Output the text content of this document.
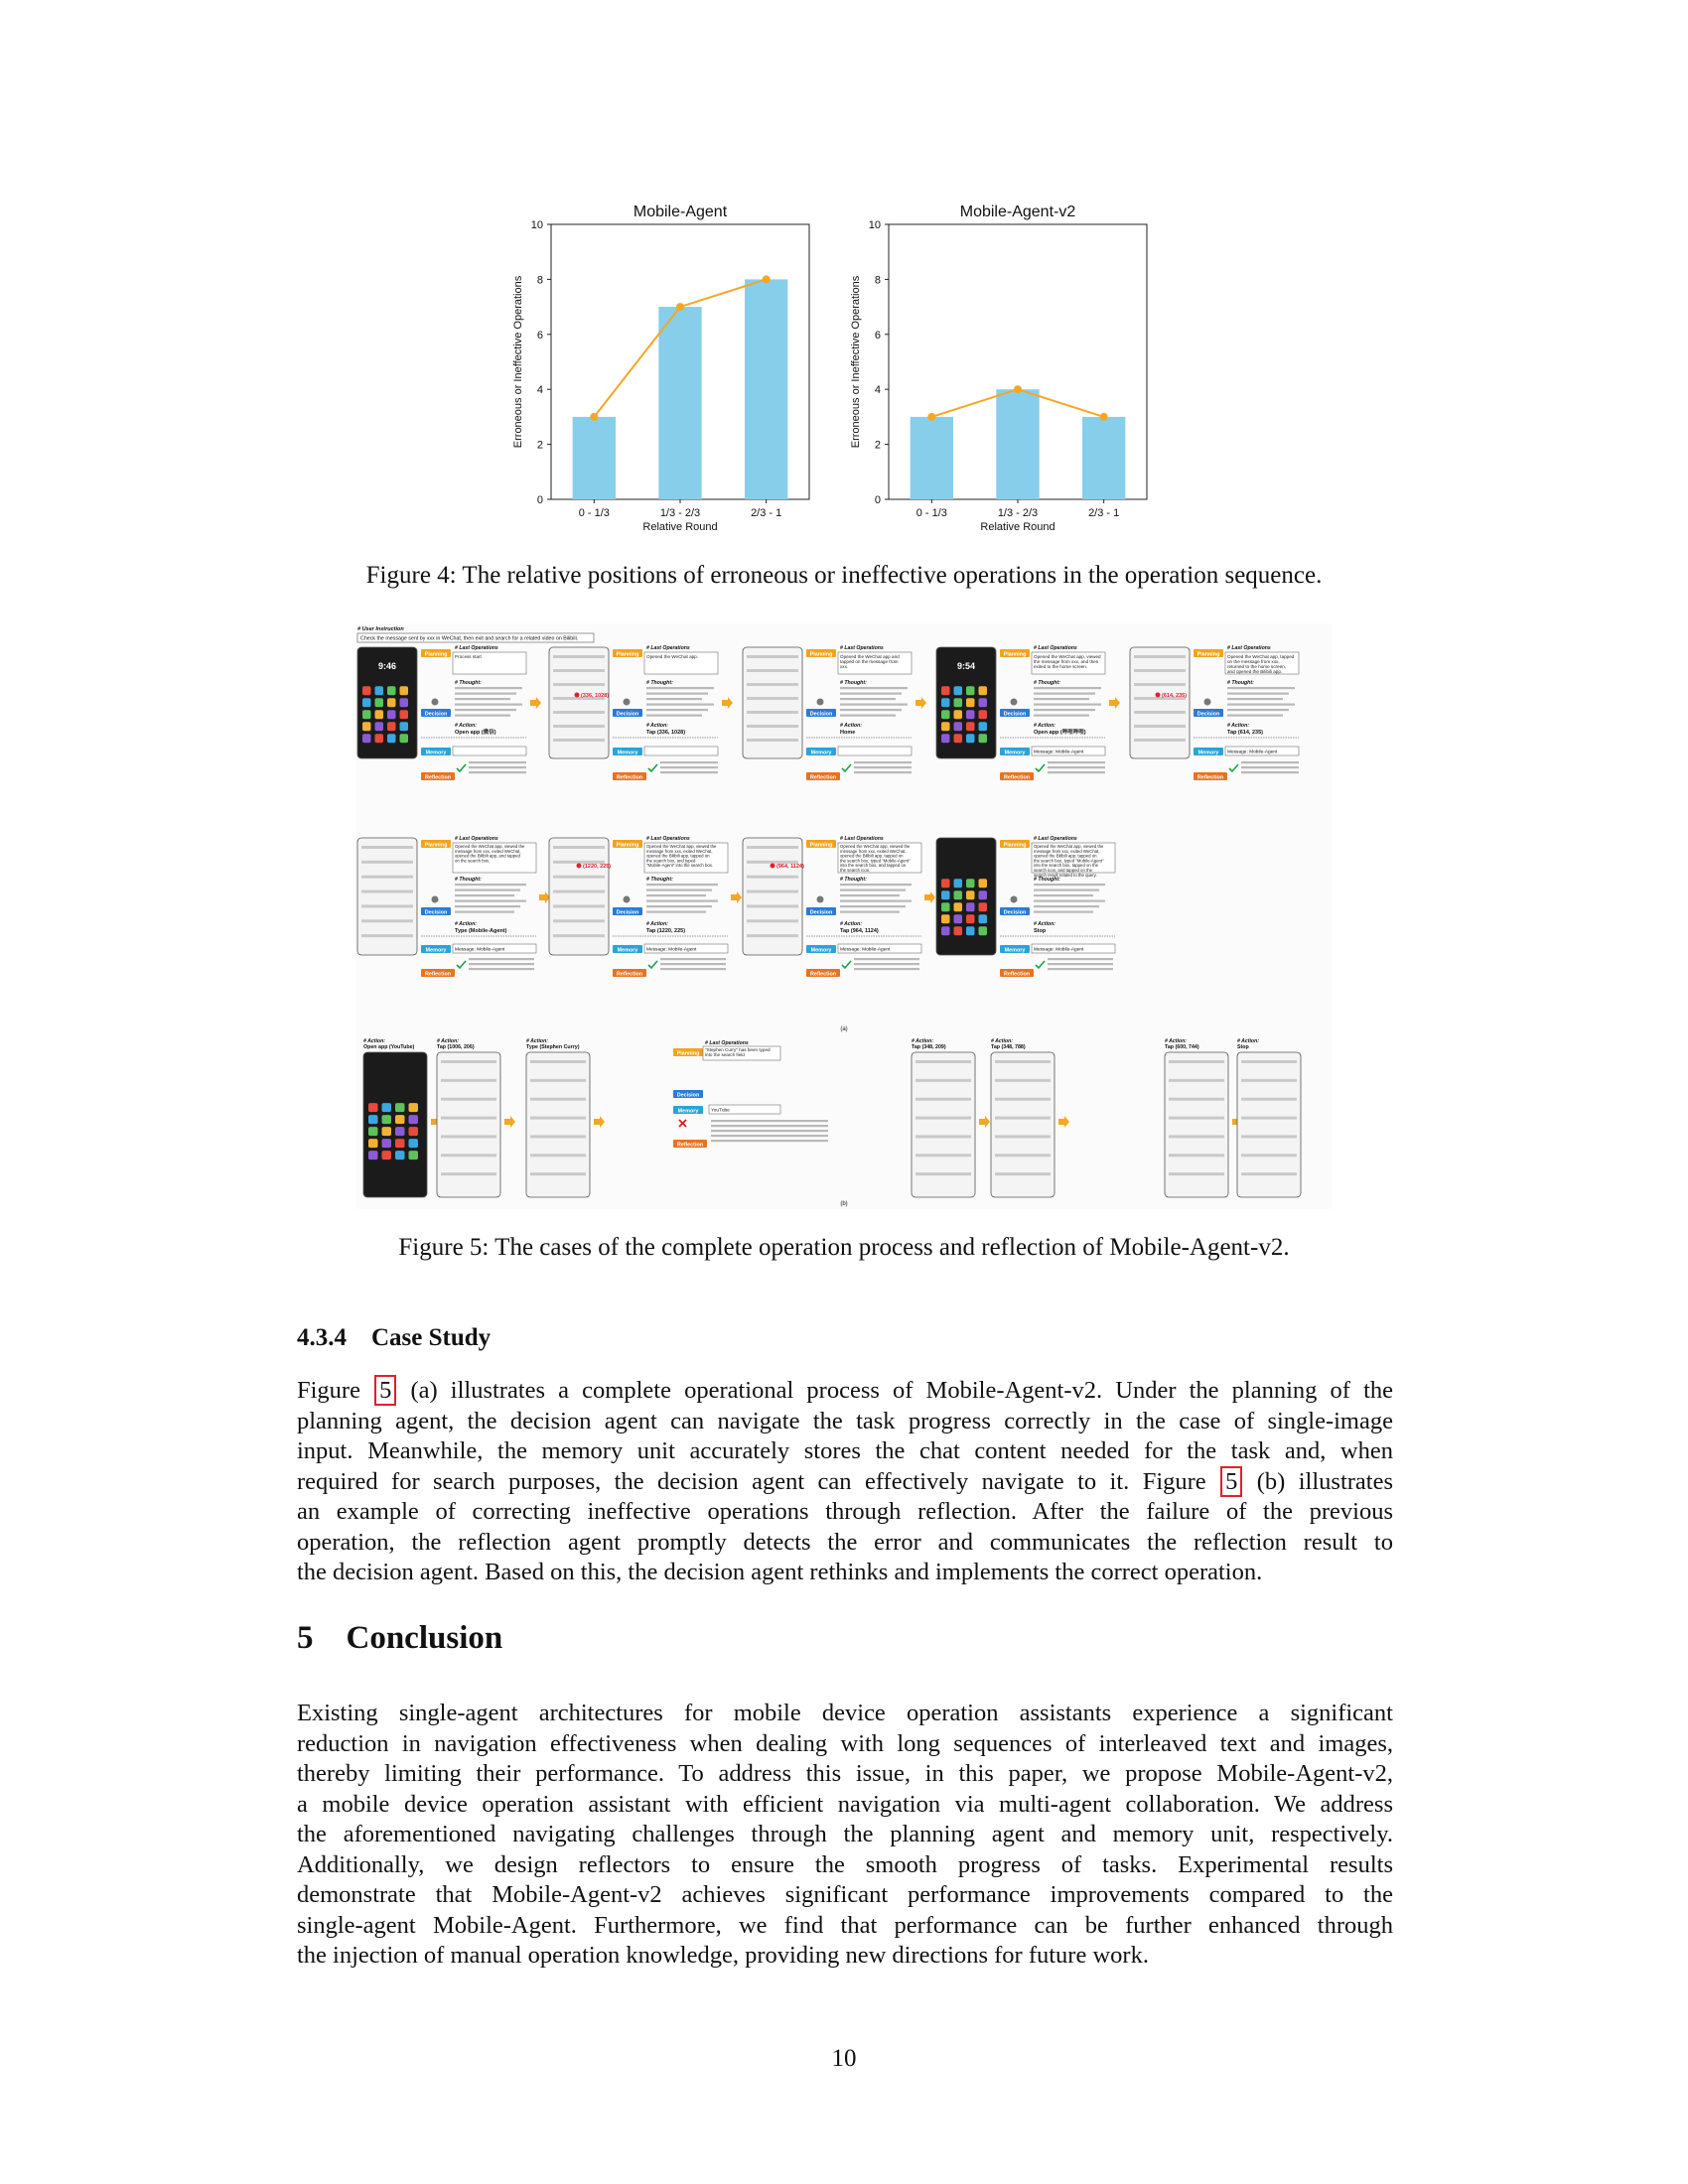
Mobile-Agent
0
2
4
6
8
10
0 - 1/3	1/3 - 2/3	2/3 - 1
Relative Round
Erroneous or Ineffective Operations
Mobile-Agent-v2
0
2
4
6
8
10
0 - 1/3	1/3 - 2/3	2/3 - 1
Relative Round
Erroneous or Ineffective Operations
Figure 4: The relative positions of erroneous or ineffective operations in the operation sequence.
# User Instruction
Check the message sent by xxx in WeChat, then exit and search for a related video on Bilibili.
9:46
Planning
# Last Operations
Process start
# Thought:
Decision
# Action:
Open app (微信)
Memory
Reflection
(336, 1028)
Planning
# Last Operations
Opened the WeChat app.
# Thought:
Decision
# Action:
Tap (336, 1028)
Memory
Reflection
Planning
# Last Operations
Opened the WeChat app and
tapped on the message from
xxx.
# Thought:
Decision
# Action:
Home
Memory
Reflection
9:54
Planning
# Last Operations
Opened the WeChat app, viewed
the message from xxx, and then
exited to the home screen.
# Thought:
Decision
# Action:
Open app (哔哩哔哩)
Memory Message: Mobile-Agent
Reflection
(614, 235)
Planning
# Last Operations
Opened the WeChat app, tapped
on the message from xxx,
returned to the home screen,
and opened the Bilibili app.
# Thought:
Decision
# Action:
Tap (614, 235)
Memory Message: Mobile-Agent
Reflection
Planning
# Last Operations
Opened the WeChat app, viewed the
message from xxx, exited WeChat,
opened the Bilibili app, and tapped
on the search box.
# Thought:
Decision
# Action:
Type (Mobile-Agent)
Memory Message: Mobile-Agent
Reflection
(1220, 225)
Planning
# Last Operations
Opened the WeChat app, viewed the
message from xxx, exited WeChat,
opened the Bilibili app, tapped on
the search box, and typed
"Mobile-Agent" into the search box.
# Thought:
Decision
# Action:
Tap (1220, 225)
Memory Message: Mobile-Agent
Reflection
(964, 1124)
Planning
# Last Operations
Opened the WeChat app, viewed the
message from xxx, exited WeChat,
opened the Bilibili app, tapped on
the search box, typed "Mobile-Agent"
into the search box, and tapped on
the search icon.
# Thought:
Decision
# Action:
Tap (964, 1124)
Memory Message: Mobile-Agent
Reflection
Planning
# Last Operations
Opened the WeChat app, viewed the
message from xxx, exited WeChat,
opened the Bilibili app, tapped on
the search box, typed "Mobile-Agent"
into the search box, tapped on the
search icon, and tapped on the
search result related to the query.
# Thought:
Decision
# Action:
Stop
Memory Message: Mobile-Agent
Reflection
(a)
# Action:
Open app (YouTube)
# Action:
Tap (1006, 206)
# Action:
Type (Stephen Curry)
# Action:
Tap (348, 209)
# Action:
Tap (348, 788)
# Action:
Tap (600, 744)
# Action:
Stop
Planning
# Last Operations
"Stephen Curry" has been typed
into the search field
Decision
Memory	YouTube
Reflection
(b)
Figure 5: The cases of the complete operation process and reflection of Mobile-Agent-v2.
4.3.4 Case Study
Figure 5 (a) illustrates a complete operational process of Mobile-Agent-v2. Under the planning of the
planning agent, the decision agent can navigate the task progress correctly in the case of single-image
input. Meanwhile, the memory unit accurately stores the chat content needed for the task and, when
required for search purposes, the decision agent can effectively navigate to it. Figure 5 (b) illustrates
an example of correcting ineffective operations through reflection. After the failure of the previous
operation, the reflection agent promptly detects the error and communicates the reflection result to
the decision agent. Based on this, the decision agent rethinks and implements the correct operation.
5 Conclusion
Existing single-agent architectures for mobile device operation assistants experience a significant
reduction in navigation effectiveness when dealing with long sequences of interleaved text and images,
thereby limiting their performance. To address this issue, in this paper, we propose Mobile-Agent-v2,
a mobile device operation assistant with efficient navigation via multi-agent collaboration. We address
the aforementioned navigating challenges through the planning agent and memory unit, respectively.
Additionally, we design reflectors to ensure the smooth progress of tasks. Experimental results
demonstrate that Mobile-Agent-v2 achieves significant performance improvements compared to the
single-agent Mobile-Agent. Furthermore, we find that performance can be further enhanced through
the injection of manual operation knowledge, providing new directions for future work.
10
